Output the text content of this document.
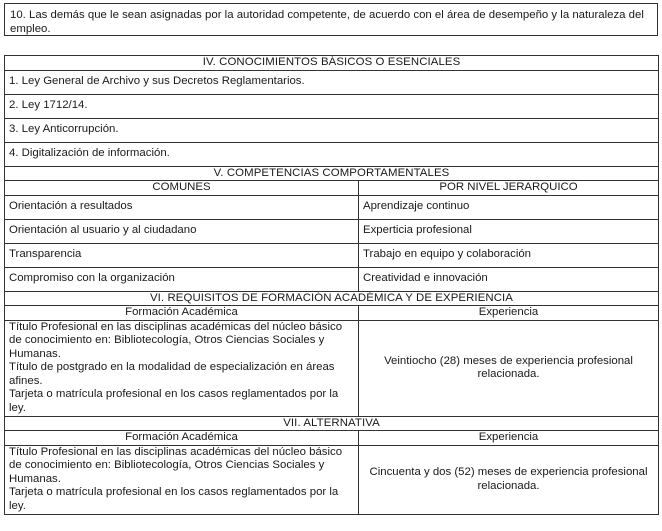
10. Las demás que le sean asignadas por la autoridad competente, de acuerdo con el área de desempeño y la naturaleza del empleo.
IV. CONOCIMIENTOS BÁSICOS O ESENCIALES	
1. Ley General de Archivo y sus Decretos Reglamentarios.	
2. Ley 1712/14.	
3. Ley Anticorrupción.	
4. Digitalización de información.	
V. COMPETENCIAS COMPORTAMENTALES	
COMUNES	POR NIVEL JERARQUICO
Orientación a resultados	Aprendizaje continuo
Orientación al usuario y al ciudadano	Experticia profesional
Transparencia	Trabajo en equipo y colaboración
Compromiso con la organización	Creatividad e innovación
VI. REQUISITOS DE FORMACIÓN ACADÉMICA Y DE EXPERIENCIA	
Formación Académica	Experiencia

Título Profesional en las disciplinas académicas del núcleo básico de conocimiento en: Bibliotecología, Otros Ciencias Sociales y Humanas.
Título de postgrado en la modalidad de especialización en áreas afines.
Tarjeta o matrícula profesional en los casos reglamentados por la ley.	Veintiocho (28) meses de experiencia profesional relacionada.
VII. ALTERNATIVA	
Formación Académica	Experiencia

Título Profesional en las disciplinas académicas del núcleo básico de conocimiento en: Bibliotecología, Otros Ciencias Sociales y Humanas.
Tarjeta o matrícula profesional en los casos reglamentados por la ley.	Cincuenta y dos (52) meses de experiencia profesional relacionada.
